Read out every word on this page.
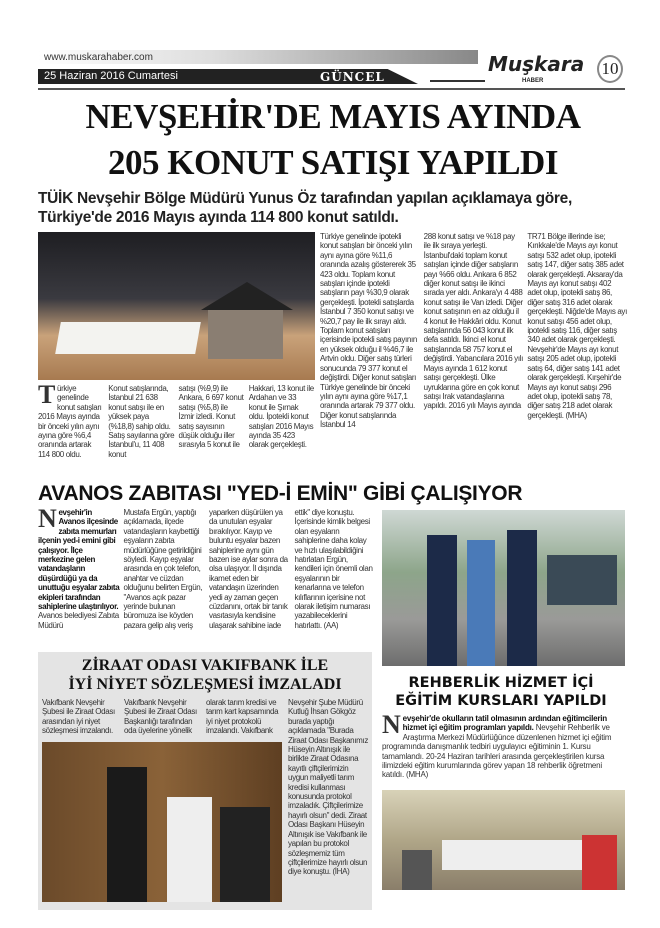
www.muskarahaber.com
25 Haziran 2016 Cumartesi	GÜNCEL
Muşkara
HABER
10
NEVŞEHİR'DE MAYIS AYINDA
205 KONUT SATIŞI YAPILDI
TÜİK Nevşehir Bölge Müdürü Yunus Öz tarafından yapılan açıklamaya göre, Türkiye'de 2016 Mayıs ayında 114 800 konut satıldı.
Türkiye genelinde konut satışları 2016 Mayıs ayında bir önceki yılın aynı ayına göre %6,4 oranında artarak 114 800 oldu.
Konut satışlarında, İstanbul 21 638 konut satışı ile en yüksek paya (%18,8) sahip oldu. Satış sayılarına göre İstanbul'u, 11 408 konut
satışı (%9,9) ile Ankara, 6 697 konut satışı (%5,8) ile İzmir izledi. Konut satış sayısının düşük olduğu iller sırasıyla 5 konut ile
Hakkari, 13 konut ile Ardahan ve 33 konut ile Şırnak oldu. İpotekli konut satışları 2016 Mayıs ayında 35 423 olarak gerçekleşti.
Türkiye genelinde ipotekli konut satışları bir önceki yılın aynı ayına göre %11,6 oranında azalış göstererek 35 423 oldu. Toplam konut satışları içinde ipotekli satışların payı %30,9 olarak gerçekleşti. İpotekli satışlarda İstanbul 7 350 konut satışı ve %20,7 pay ile ilk sırayı aldı. Toplam konut satışları içerisinde ipotekli satış payının en yüksek olduğu il %46,7 ile Artvin oldu. Diğer satış türleri sonucunda 79 377 konut el değiştirdi. Diğer konut satışları Türkiye genelinde bir önceki yılın aynı ayına göre %17,1 oranında artarak 79 377 oldu. Diğer konut satışlarında İstanbul 14
288 konut satışı ve %18 pay ile ilk sıraya yerleşti. İstanbul'daki toplam konut satışları içinde diğer satışların payı %66 oldu. Ankara 6 852 diğer konut satışı ile ikinci sırada yer aldı. Ankara'yı 4 488 konut satışı ile Van izledi. Diğer konut satışının en az olduğu il 4 konut ile Hakkâri oldu. Konut satışlarında 56 043 konut ilk defa satıldı. İkinci el konut satışlarında 58 757 konut el değiştirdi. Yabancılara 2016 yılı Mayıs ayında 1 612 konut satışı gerçekleşti. Ülke uyruklarına göre en çok konut satışı Irak vatandaşlarına yapıldı. 2016 yılı Mayıs ayında
TR71 Bölge illerinde ise; Kırıkkale'de Mayıs ayı konut satışı 532 adet olup, ipotekli satış 147, diğer satış 385 adet olarak gerçekleşti. Aksaray'da Mayıs ayı konut satışı 402 adet olup, ipotekli satış 86, diğer satış 316 adet olarak gerçekleşti. Niğde'de Mayıs ayı konut satışı 456 adet olup, ipotekli satış 116, diğer satış 340 adet olarak gerçekleşti. Nevşehir'de Mayıs ayı konut satışı 205 adet olup, ipotekli satış 64, diğer satış 141 adet olarak gerçekleşti. Kırşehir'de Mayıs ayı konut satışı 296 adet olup, ipotekli satış 78, diğer satış 218 adet olarak gerçekleşti. (MHA)
AVANOS ZABITASI "YED-İ EMİN" GİBİ ÇALIŞIYOR
Nevşehir'in Avanos ilçesinde zabıta memurları ilçenin yed-i emini gibi çalışıyor. İlçe merkezine gelen vatandaşların düşürdüğü ya da unuttuğu eşyalar zabıta ekipleri tarafından sahiplerine ulaştırılıyor. Avanos belediyesi Zabıta Müdürü
Mustafa Ergün, yaptığı açıklamada, ilçede vatandaşların kaybettiği eşyaların zabıta müdürlüğüne getirildiğini söyledi. Kayıp eşyalar arasında en çok telefon, anahtar ve cüzdan olduğunu belirten Ergün, "Avanos açık pazar yerinde bulunan büromuza ise köyden pazara gelip alış veriş
yaparken düşürülen ya da unutulan eşyalar bırakılıyor. Kayıp ve buluntu eşyalar bazen sahiplerine aynı gün bazen ise aylar sonra da olsa ulaşıyor. İl dışında ikamet eden bir vatandaşın üzerinden yedi ay zaman geçen cüzdanını, ortak bir tanık vasıtasıyla kendisine ulaşarak sahibine iade
ettik" diye konuştu. İçerisinde kimlik belgesi olan eşyaların sahiplerine daha kolay ve hızlı ulaşılabildiğini hatırlatan Ergün, kendileri için önemli olan eşyalarının bir kenarlarına ve telefon kılıflarının içerisine not olarak iletişim numarası yazabileceklerini hatırlattı. (AA)
ZİRAAT ODASI VAKIFBANK İLE
İYİ NİYET SÖZLEŞMESİ İMZALADI
Vakıfbank Nevşehir Şubesi ile Ziraat Odası arasından iyi niyet sözleşmesi imzalandı.
Vakıfbank Nevşehir Şubesi ile Ziraat Odası Başkanlığı tarafından oda üyelerine yönelik
olarak tarım kredisi ve tarım kart kapsamında iyi niyet protokolü imzalandı. Vakıfbank
Nevşehir Şube Müdürü Kutluğ İhsan Gökgöz burada yaptığı açıklamada "Burada Ziraat Odası Başkanımız Hüseyin Altınışık ile birlikte Ziraat Odasına kayıtlı çiftçilerimizin uygun maliyetli tarım kredisi kullanması konusunda protokol imzaladık. Çiftçilerimize hayırlı olsun" dedi. Ziraat Odası Başkanı Hüseyin Altınışık ise Vakıfbank ile yapılan bu protokol sözleşmemiz tüm çiftçilerimize hayırlı olsun diye konuştu. (İHA)
REHBERLİK HİZMET İÇİ
EĞİTİM KURSLARI YAPILDI
Nevşehir'de okulların tatil olmasının ardından eğitimcilerin hizmet içi eğitim programları yapıldı. Nevşehir Rehberlik ve Araştırma Merkezi Müdürlüğünce düzenlenen hizmet içi eğitim programında danışmanlık tedbiri uygulayıcı eğitiminin 1. Kursu tamamlandı. 20-24 Haziran tarihleri arasında gerçekleştirilen kursa ilimizdeki eğitim kurumlarında görev yapan 18 rehberlik öğretmeni katıldı. (MHA)
